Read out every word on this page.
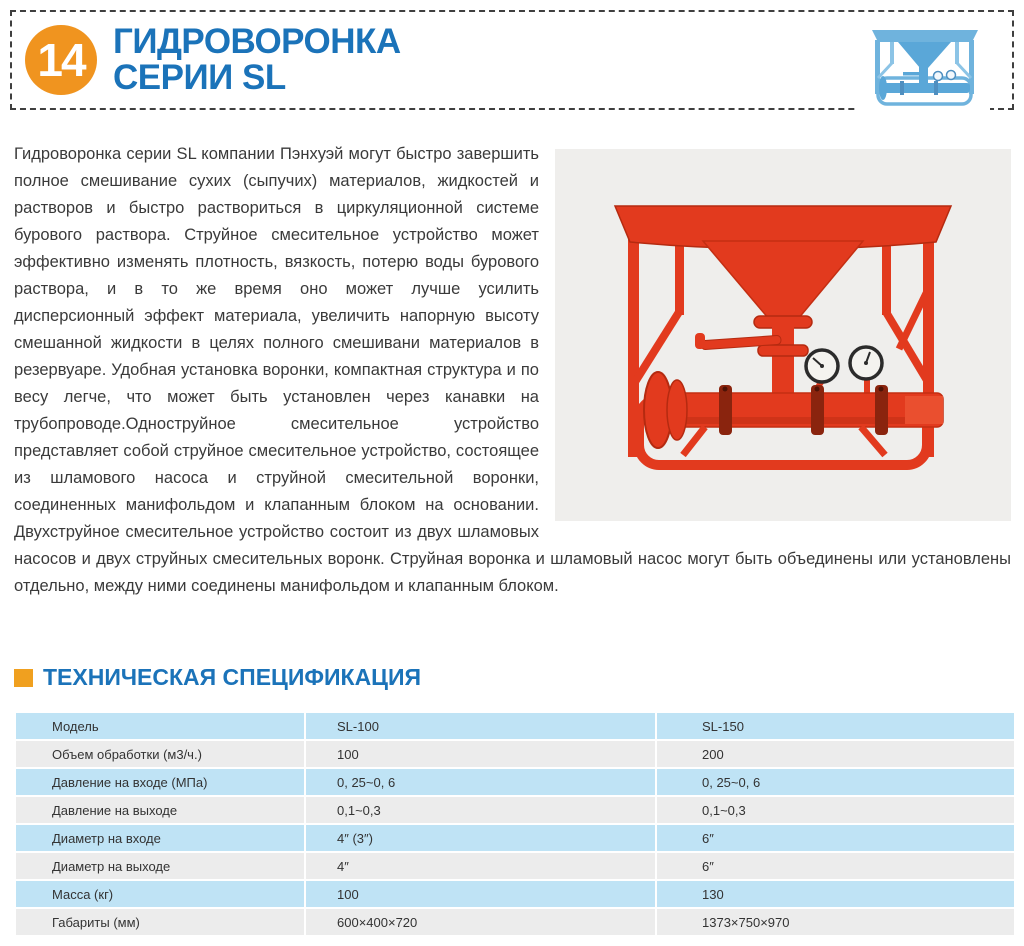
14 ГИДРОВОРОНКА
СЕРИИ SL

Гидроворонка серии SL компании Пэнхуэй могут быстро завершить полное смешивание сухих (сыпучих) материалов, жидкостей и растворов и быстро раствориться в циркуляционной системе бурового раствора. Струйное смесительное устройство может эффективно изменять плотность, вязкость, потерю воды бурового раствора, и в то же время оно может лучше усилить дисперсионный эффект материала, увеличить напорную высоту смешанной жидкости в целях полного смешивани материалов в резервуаре. Удобная установка воронки, компактная структура и по весу легче, что может быть установлен через канавки на трубопроводе.Одноструйное смесительное устройство представляет собой струйное смесительное устройство, состоящее из шламового насоса и струйной смесительной воронки, соединенных манифольдом и клапанным блоком на основании. Двухструйное смесительное устройство состоит из двух шламовых насосов и двух струйных смесительных воронк. Струйная воронка и шламовый насос могут быть объединены или установлены отдельно, между ними соединены манифольдом и клапанным блоком.

ТЕХНИЧЕСКАЯ СПЕЦИФИКАЦИЯ
Модель	SL-100	SL-150
Объем обработки (м3/ч.)	100	200
Давление на входе (МПа)	0, 25~0, 6	0, 25~0, 6
Давление на выходе	0,1~0,3	0,1~0,3
Диаметр на входе	4″ (3″)	6″
Диаметр на выходе	4″	6″
Масса (кг)	100	130
Габариты (мм)	600×400×720	1373×750×970
